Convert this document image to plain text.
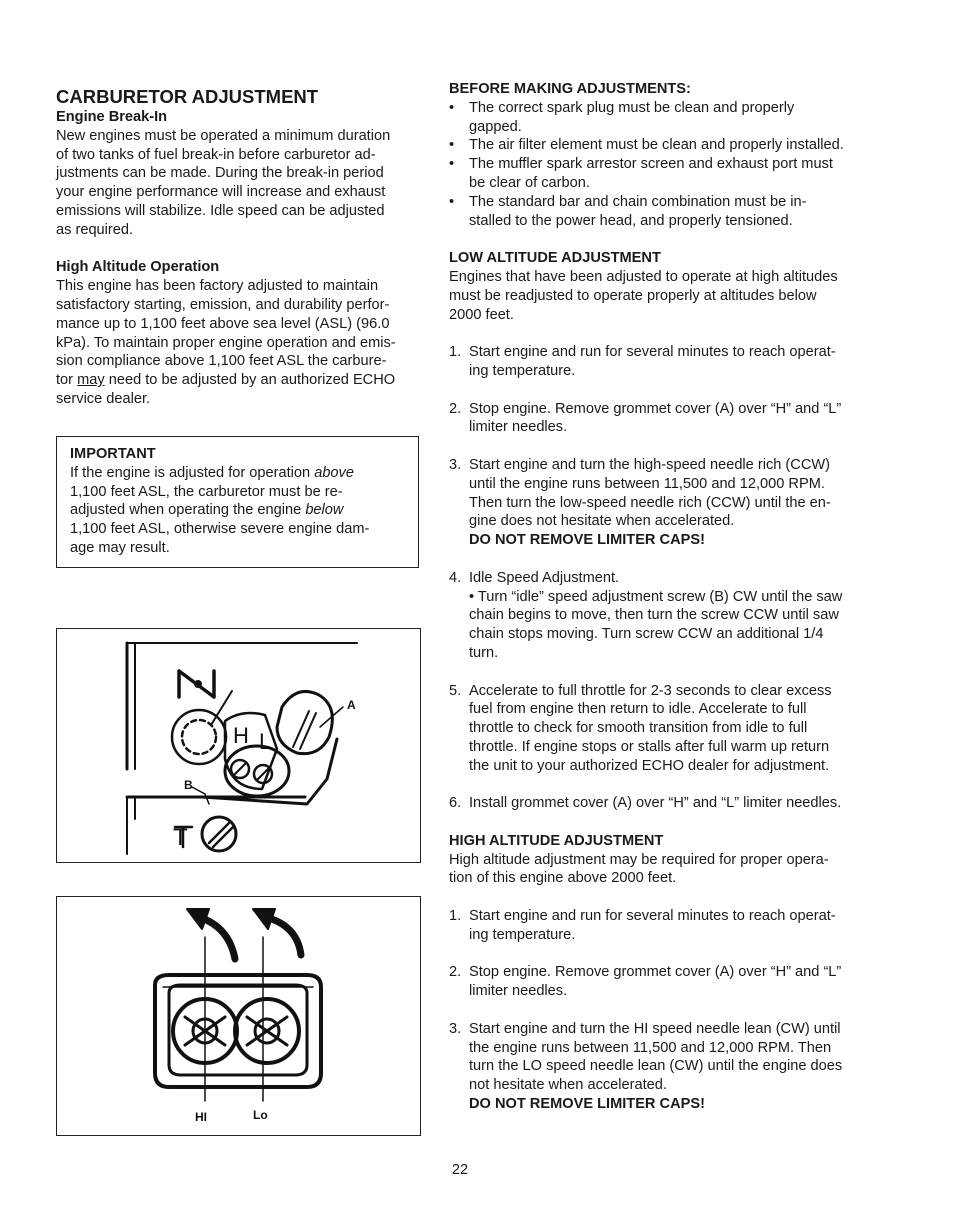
CARBURETOR ADJUSTMENT
Engine Break-In
New engines must be operated a minimum duration
of two tanks of fuel break-in before carburetor ad-
justments can be made. During the break-in period
your engine performance will increase and exhaust
emissions will stabilize. Idle speed can be adjusted
as required.
High Altitude Operation
This engine has been factory adjusted to maintain
satisfactory starting, emission, and durability perfor-
mance up to 1,100 feet above sea level (ASL) (96.0
kPa). To maintain proper engine operation and emis-
sion compliance above 1,100 feet ASL the carbure-
tor may need to be adjusted by an authorized ECHO
service dealer.
IMPORTANT
If the engine is adjusted for operation above
1,100 feet ASL, the carburetor must be re-
adjusted when operating the engine below
1,100 feet ASL, otherwise severe engine dam-
age may result.
A
B
H L
T
HI	Lo
BEFORE MAKING ADJUSTMENTS:
•	The correct spark plug must be clean and properly
gapped.
•	The air filter element must be clean and properly installed.
•	The muffler spark arrestor screen and exhaust port must
be clear of carbon.
•	The standard bar and chain combination must be in-
stalled to the power head, and properly tensioned.
LOW ALTITUDE ADJUSTMENT
Engines that have been adjusted to operate at high altitudes
must be readjusted to operate properly at altitudes below
2000 feet.
1. Start engine and run for several minutes to reach operat-
ing temperature.
2. Stop engine. Remove grommet cover (A) over “H” and “L”
limiter needles.
3. Start engine and turn the high-speed needle rich (CCW)
until the engine runs between 11,500 and 12,000 RPM.
Then turn the low-speed needle rich (CCW) until the en-
gine does not hesitate when accelerated.
DO NOT REMOVE LIMITER CAPS!
4. Idle Speed Adjustment.
• Turn “idle” speed adjustment screw (B) CW until the saw
chain begins to move, then turn the screw CCW until saw
chain stops moving. Turn screw CCW an additional 1/4
turn.
5. Accelerate to full throttle for 2-3 seconds to clear excess
fuel from engine then return to idle. Accelerate to full
throttle to check for smooth transition from idle to full
throttle. If engine stops or stalls after full warm up return
the unit to your authorized ECHO dealer for adjustment.
6. Install grommet cover (A) over “H” and “L” limiter needles.
HIGH ALTITUDE ADJUSTMENT
High altitude adjustment may be required for proper opera-
tion of this engine above 2000 feet.
1. Start engine and run for several minutes to reach operat-
ing temperature.
2. Stop engine. Remove grommet cover (A) over “H” and “L”
limiter needles.
3. Start engine and turn the HI speed needle lean (CW) until
the engine runs between 11,500 and 12,000 RPM. Then
turn the LO speed needle lean (CW) until the engine does
not hesitate when accelerated.
DO NOT REMOVE LIMITER CAPS!
22
